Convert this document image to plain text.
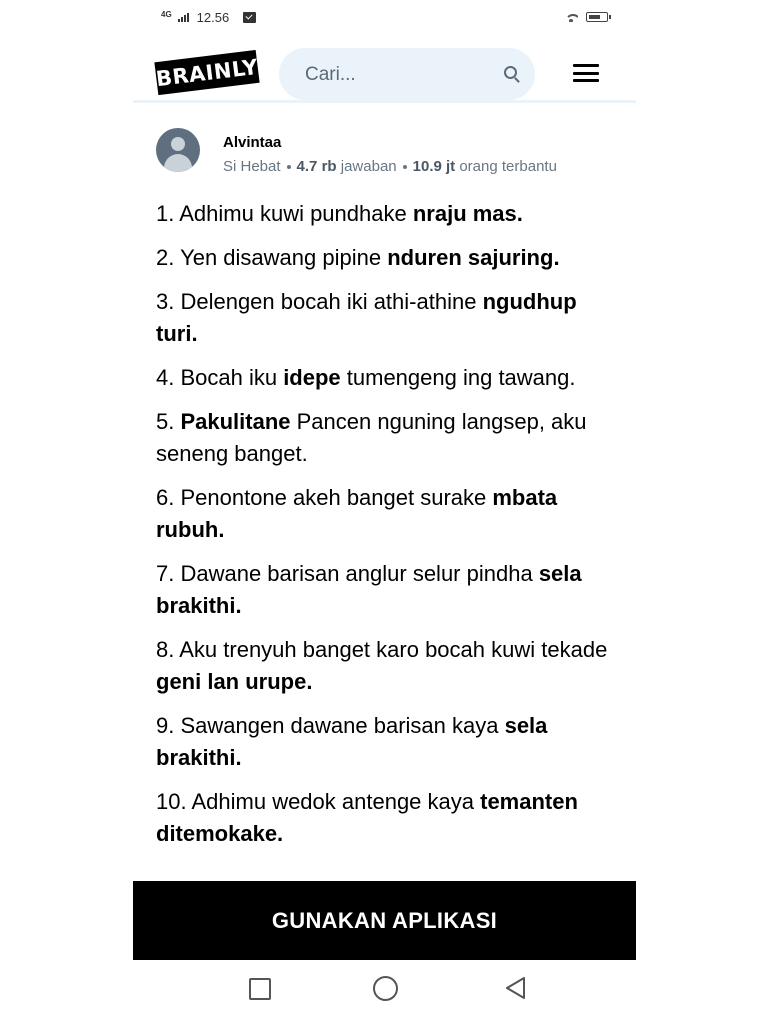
4G 12.56
BRAINLY
Cari...
Alvintaa
Si Hebat 4.7 rb jawaban 10.9 jt orang terbantu

1. Adhimu kuwi pundhake nraju mas.

2. Yen disawang pipine nduren sajuring.

3. Delengen bocah iki athi-athine ngudhup turi.

4. Bocah iku idepe tumengeng ing tawang.

5. Pakulitane Pancen nguning langsep, aku seneng banget.

6. Penontone akeh banget surake mbata rubuh.

7. Dawane barisan anglur selur pindha sela brakithi.

8. Aku trenyuh banget karo bocah kuwi tekade geni lan urupe.

9. Sawangen dawane barisan kaya sela brakithi.

10. Adhimu wedok antenge kaya temanten ditemokake.

GUNAKAN APLIKASI
